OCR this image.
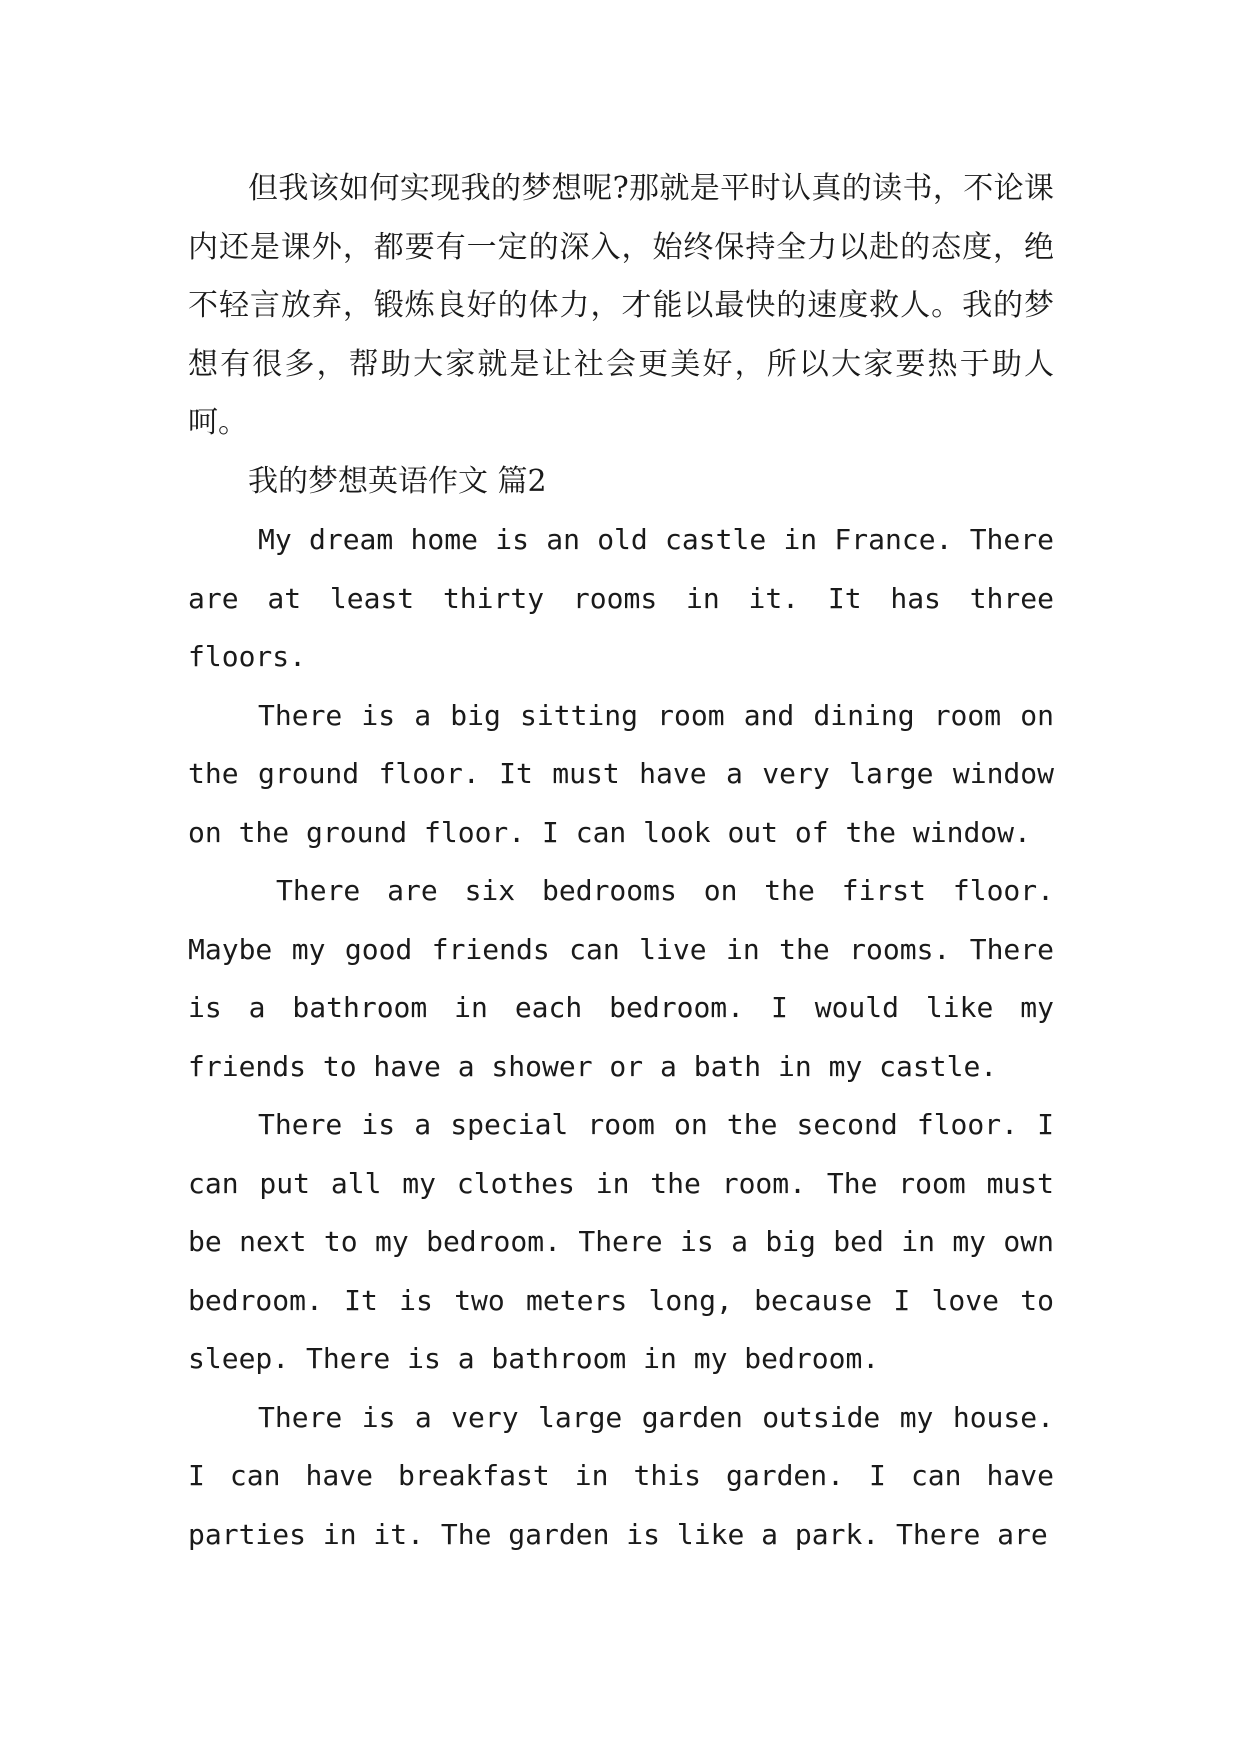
但我该如何实现我的梦想呢?那就是平时认真的读书，不论课内还是课外，都要有一定的深入，始终保持全力以赴的态度，绝不轻言放弃，锻炼良好的体力，才能以最快的速度救人。我的梦想有很多，帮助大家就是让社会更美好，所以大家要热于助人呵。

我的梦想英语作文 篇2

My dream home is an old castle in France. There are at least thirty rooms in it. It has three floors.

There is a big sitting room and dining room on the ground floor. It must have a very large window on the ground floor. I can look out of the window.

There are six bedrooms on the first floor. Maybe my good friends can live in the rooms. There is a bathroom in each bedroom. I would like my friends to have a shower or a bath in my castle.

There is a special room on the second floor. I can put all my clothes in the room. The room must be next to my bedroom. There is a big bed in my own bedroom. It is two meters long, because I love to sleep. There is a bathroom in my bedroom.

There is a very large garden outside my house. I can have breakfast in this garden. I can have parties in it. The garden is like a park. There are
